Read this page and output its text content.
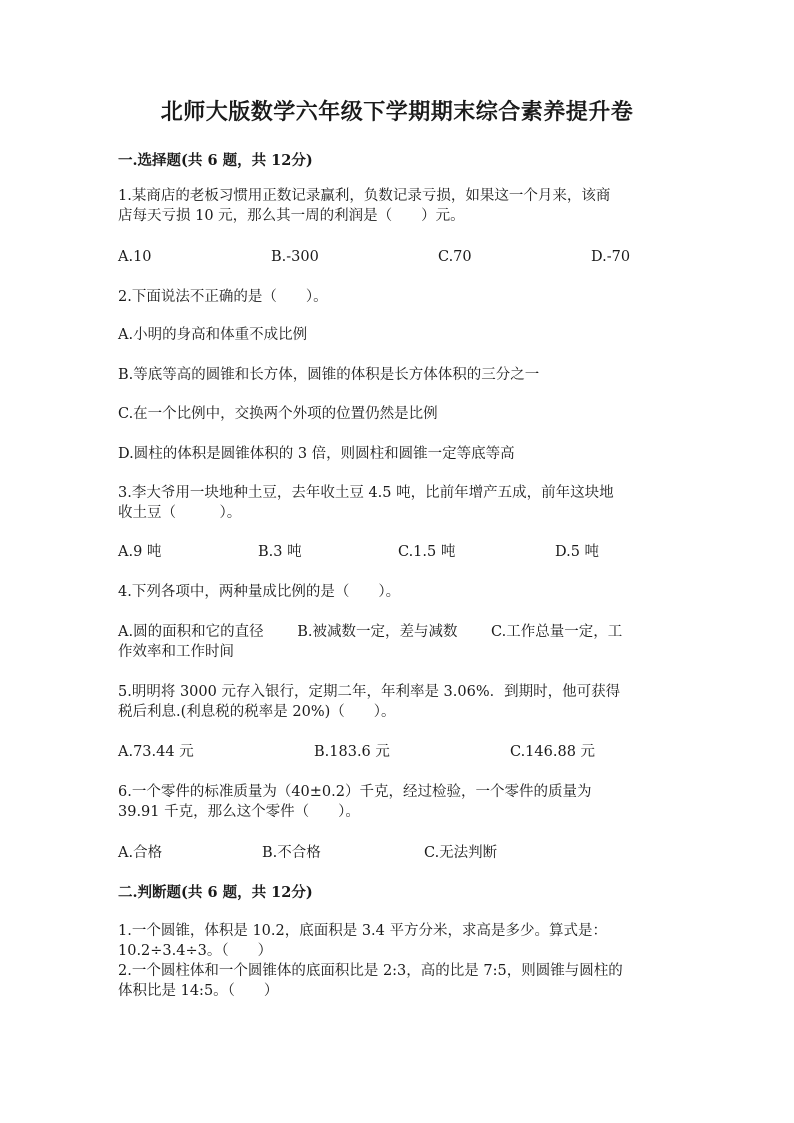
北师大版数学六年级下学期期末综合素养提升卷
一.选择题(共 6 题，共 12分)
1.某商店的老板习惯用正数记录赢利，负数记录亏损，如果这一个月来，该商
店每天亏损 10 元，那么其一周的利润是（　　）元。
A.10	B.-300	C.70	D.-70
2.下面说法不正确的是（　　）。
A.小明的身高和体重不成比例
B.等底等高的圆锥和长方体，圆锥的体积是长方体体积的三分之一
C.在一个比例中，交换两个外项的位置仍然是比例
D.圆柱的体积是圆锥体积的 3 倍，则圆柱和圆锥一定等底等高
3.李大爷用一块地种土豆，去年收土豆 4.5 吨，比前年增产五成，前年这块地
收土豆（　　　）。
A.9 吨	B.3 吨	C.1.5 吨	D.5 吨
4.下列各项中，两种量成比例的是（　　）。
A.圆的面积和它的直径　　 B.被减数一定，差与减数　　 C.工作总量一定，工
作效率和工作时间
5.明明将 3000 元存入银行，定期二年，年利率是 3.06%．到期时，他可获得
税后利息.(利息税的税率是 20%)（　　）。
A.73.44 元	B.183.6 元	C.146.88 元
6.一个零件的标准质量为（40±0.2）千克，经过检验，一个零件的质量为
39.91 千克，那么这个零件（　　）。
A.合格	B.不合格	C.无法判断
二.判断题(共 6 题，共 12分)
1.一个圆锥，体积是 10.2，底面积是 3.4 平方分米，求高是多少。算式是：
10.2÷3.4÷3。（　　）
2.一个圆柱体和一个圆锥体的底面积比是 2:3，高的比是 7:5，则圆锥与圆柱的
体积比是 14:5。（　　）
